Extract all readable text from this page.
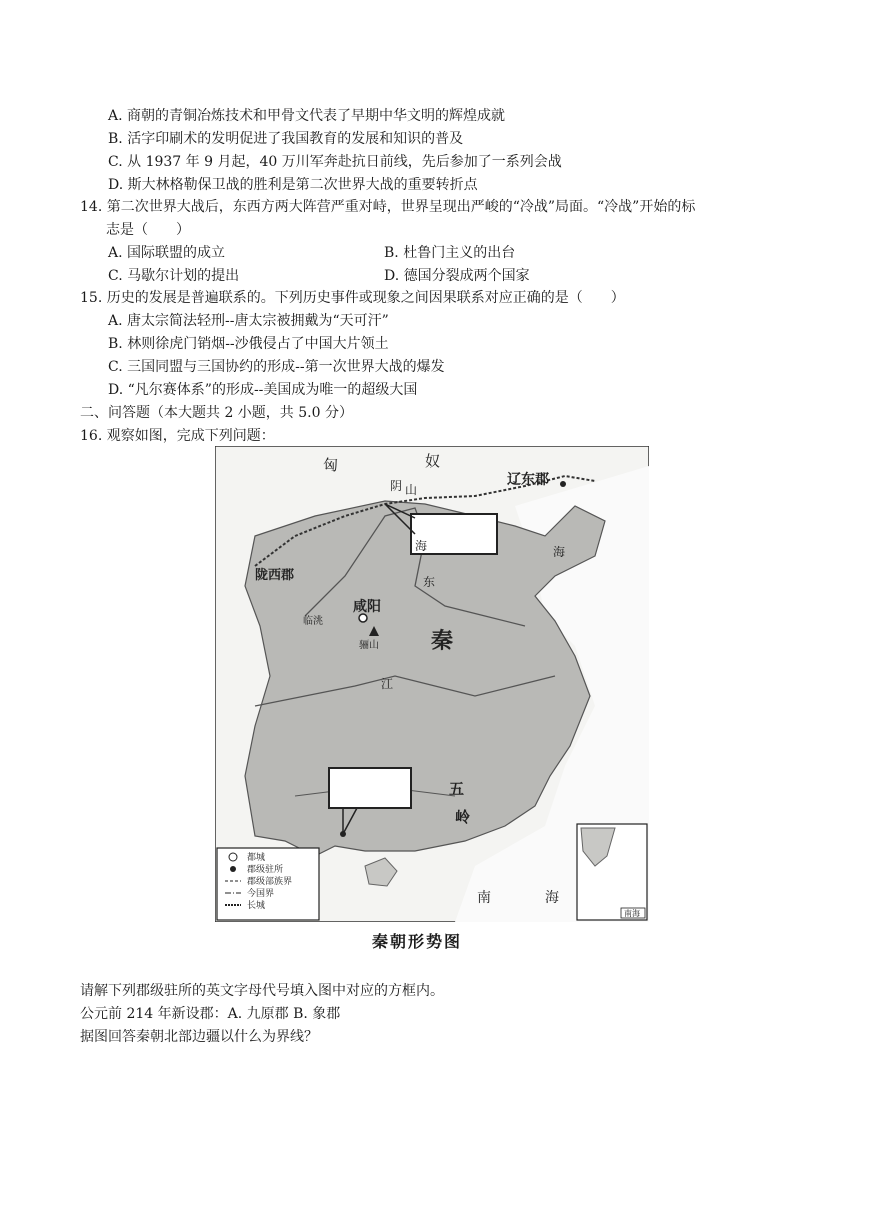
A. 商朝的青铜冶炼技术和甲骨文代表了早期中华文明的辉煌成就
B. 活字印刷术的发明促进了我国教育的发展和知识的普及
C. 从 1937 年 9 月起，40 万川军奔赴抗日前线，先后参加了一系列会战
D. 斯大林格勒保卫战的胜利是第二次世界大战的重要转折点
14. 第二次世界大战后，东西方两大阵营严重对峙，世界呈现出严峻的“冷战”局面。“冷战”开始的标
志是（　　）
A. 国际联盟的成立	B. 杜鲁门主义的出台
C. 马歇尔计划的提出	D. 德国分裂成两个国家
15. 历史的发展是普遍联系的。下列历史事件或现象之间因果联系对应正确的是（　　）
A. 唐太宗简法轻刑--唐太宗被拥戴为“天可汗”
B. 林则徐虎门销烟--沙俄侵占了中国大片领土
C. 三国同盟与三国协约的形成--第一次世界大战的爆发
D. “凡尔赛体系”的形成--美国成为唯一的超级大国
二、问答题（本大题共 2 小题，共 5.0 分）
16. 观察如图，完成下列问题：
匈	奴
辽东郡
阴 山
陇西郡
咸阳
临洮
骊山 秦
海
东
海
江
五
岭
南	海
都城
郡级驻所
郡级部族界
今国界
长城
南海
秦朝形势图
请解下列郡级驻所的英文字母代号填入图中对应的方框内。
公元前 214 年新设郡：A. 九原郡 B. 象郡
据图回答秦朝北部边疆以什么为界线？
